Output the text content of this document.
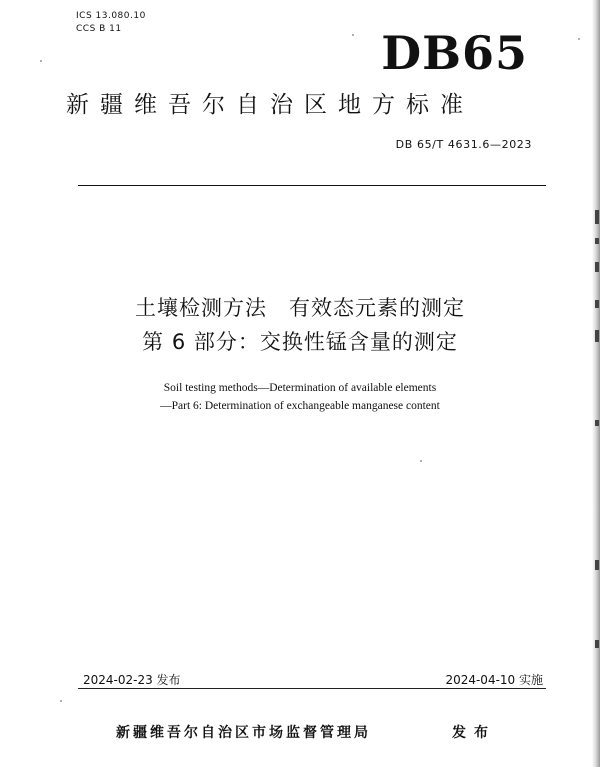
ICS 13.080.10
CCS B 11	DB65
新疆维吾尔自治区地方标准
DB 65/T 4631.6—2023
土壤检测方法　有效态元素的测定
第 6 部分：交换性锰含量的测定
Soil testing methods—Determination of available elements
—Part 6: Determination of exchangeable manganese content
2024-02-23 发布	2024-04-10 实施
新疆维吾尔自治区市场监督管理局	发布
